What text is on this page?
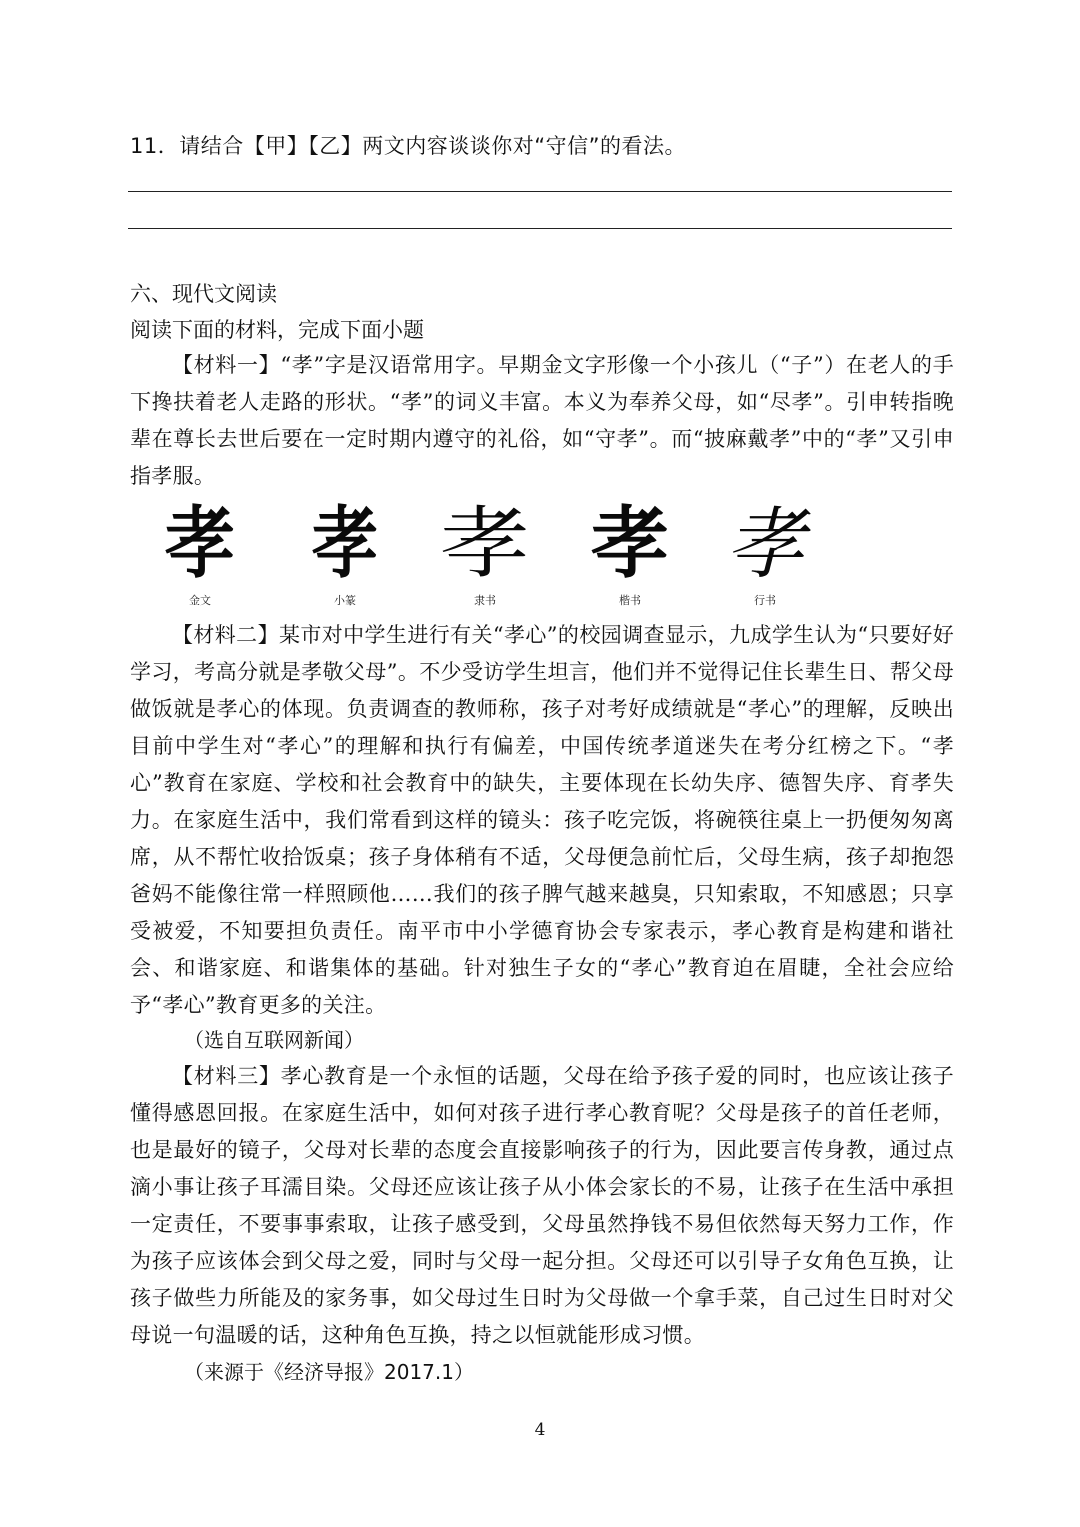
11．请结合【甲】【乙】两文内容谈谈你对“守信”的看法。
六、现代文阅读
阅读下面的材料，完成下面小题

【材料一】“孝”字是汉语常用字。早期金文字形像一个小孩儿（“子”）在老人的手下搀扶着老人走路的形状。“孝”的词义丰富。本义为奉养父母，如“尽孝”。引申转指晚辈在尊长去世后要在一定时期内遵守的礼俗，如“守孝”。而“披麻戴孝”中的“孝”又引申指孝服。

孝
金文
孝
小篆
孝
隶书
孝
楷书
孝
行书

【材料二】某市对中学生进行有关“孝心”的校园调查显示，九成学生认为“只要好好学习，考高分就是孝敬父母”。不少受访学生坦言，他们并不觉得记住长辈生日、帮父母做饭就是孝心的体现。负责调查的教师称，孩子对考好成绩就是“孝心”的理解，反映出目前中学生对“孝心”的理解和执行有偏差，中国传统孝道迷失在考分红榜之下。“孝心”教育在家庭、学校和社会教育中的缺失，主要体现在长幼失序、德智失序、育孝失力。在家庭生活中，我们常看到这样的镜头：孩子吃完饭，将碗筷往桌上一扔便匆匆离席，从不帮忙收拾饭桌；孩子身体稍有不适，父母便急前忙后，父母生病，孩子却抱怨爸妈不能像往常一样照顾他……我们的孩子脾气越来越臭，只知索取，不知感恩；只享受被爱，不知要担负责任。南平市中小学德育协会专家表示，孝心教育是构建和谐社会、和谐家庭、和谐集体的基础。针对独生子女的“孝心”教育迫在眉睫，全社会应给予“孝心”教育更多的关注。

（选自互联网新闻）

【材料三】孝心教育是一个永恒的话题，父母在给予孩子爱的同时，也应该让孩子懂得感恩回报。在家庭生活中，如何对孩子进行孝心教育呢？父母是孩子的首任老师，也是最好的镜子，父母对长辈的态度会直接影响孩子的行为，因此要言传身教，通过点滴小事让孩子耳濡目染。父母还应该让孩子从小体会家长的不易，让孩子在生活中承担一定责任，不要事事索取，让孩子感受到，父母虽然挣钱不易但依然每天努力工作，作为孩子应该体会到父母之爱，同时与父母一起分担。父母还可以引导子女角色互换，让孩子做些力所能及的家务事，如父母过生日时为父母做一个拿手菜，自己过生日时对父母说一句温暖的话，这种角色互换，持之以恒就能形成习惯。

（来源于《经济导报》2017.1）
4
